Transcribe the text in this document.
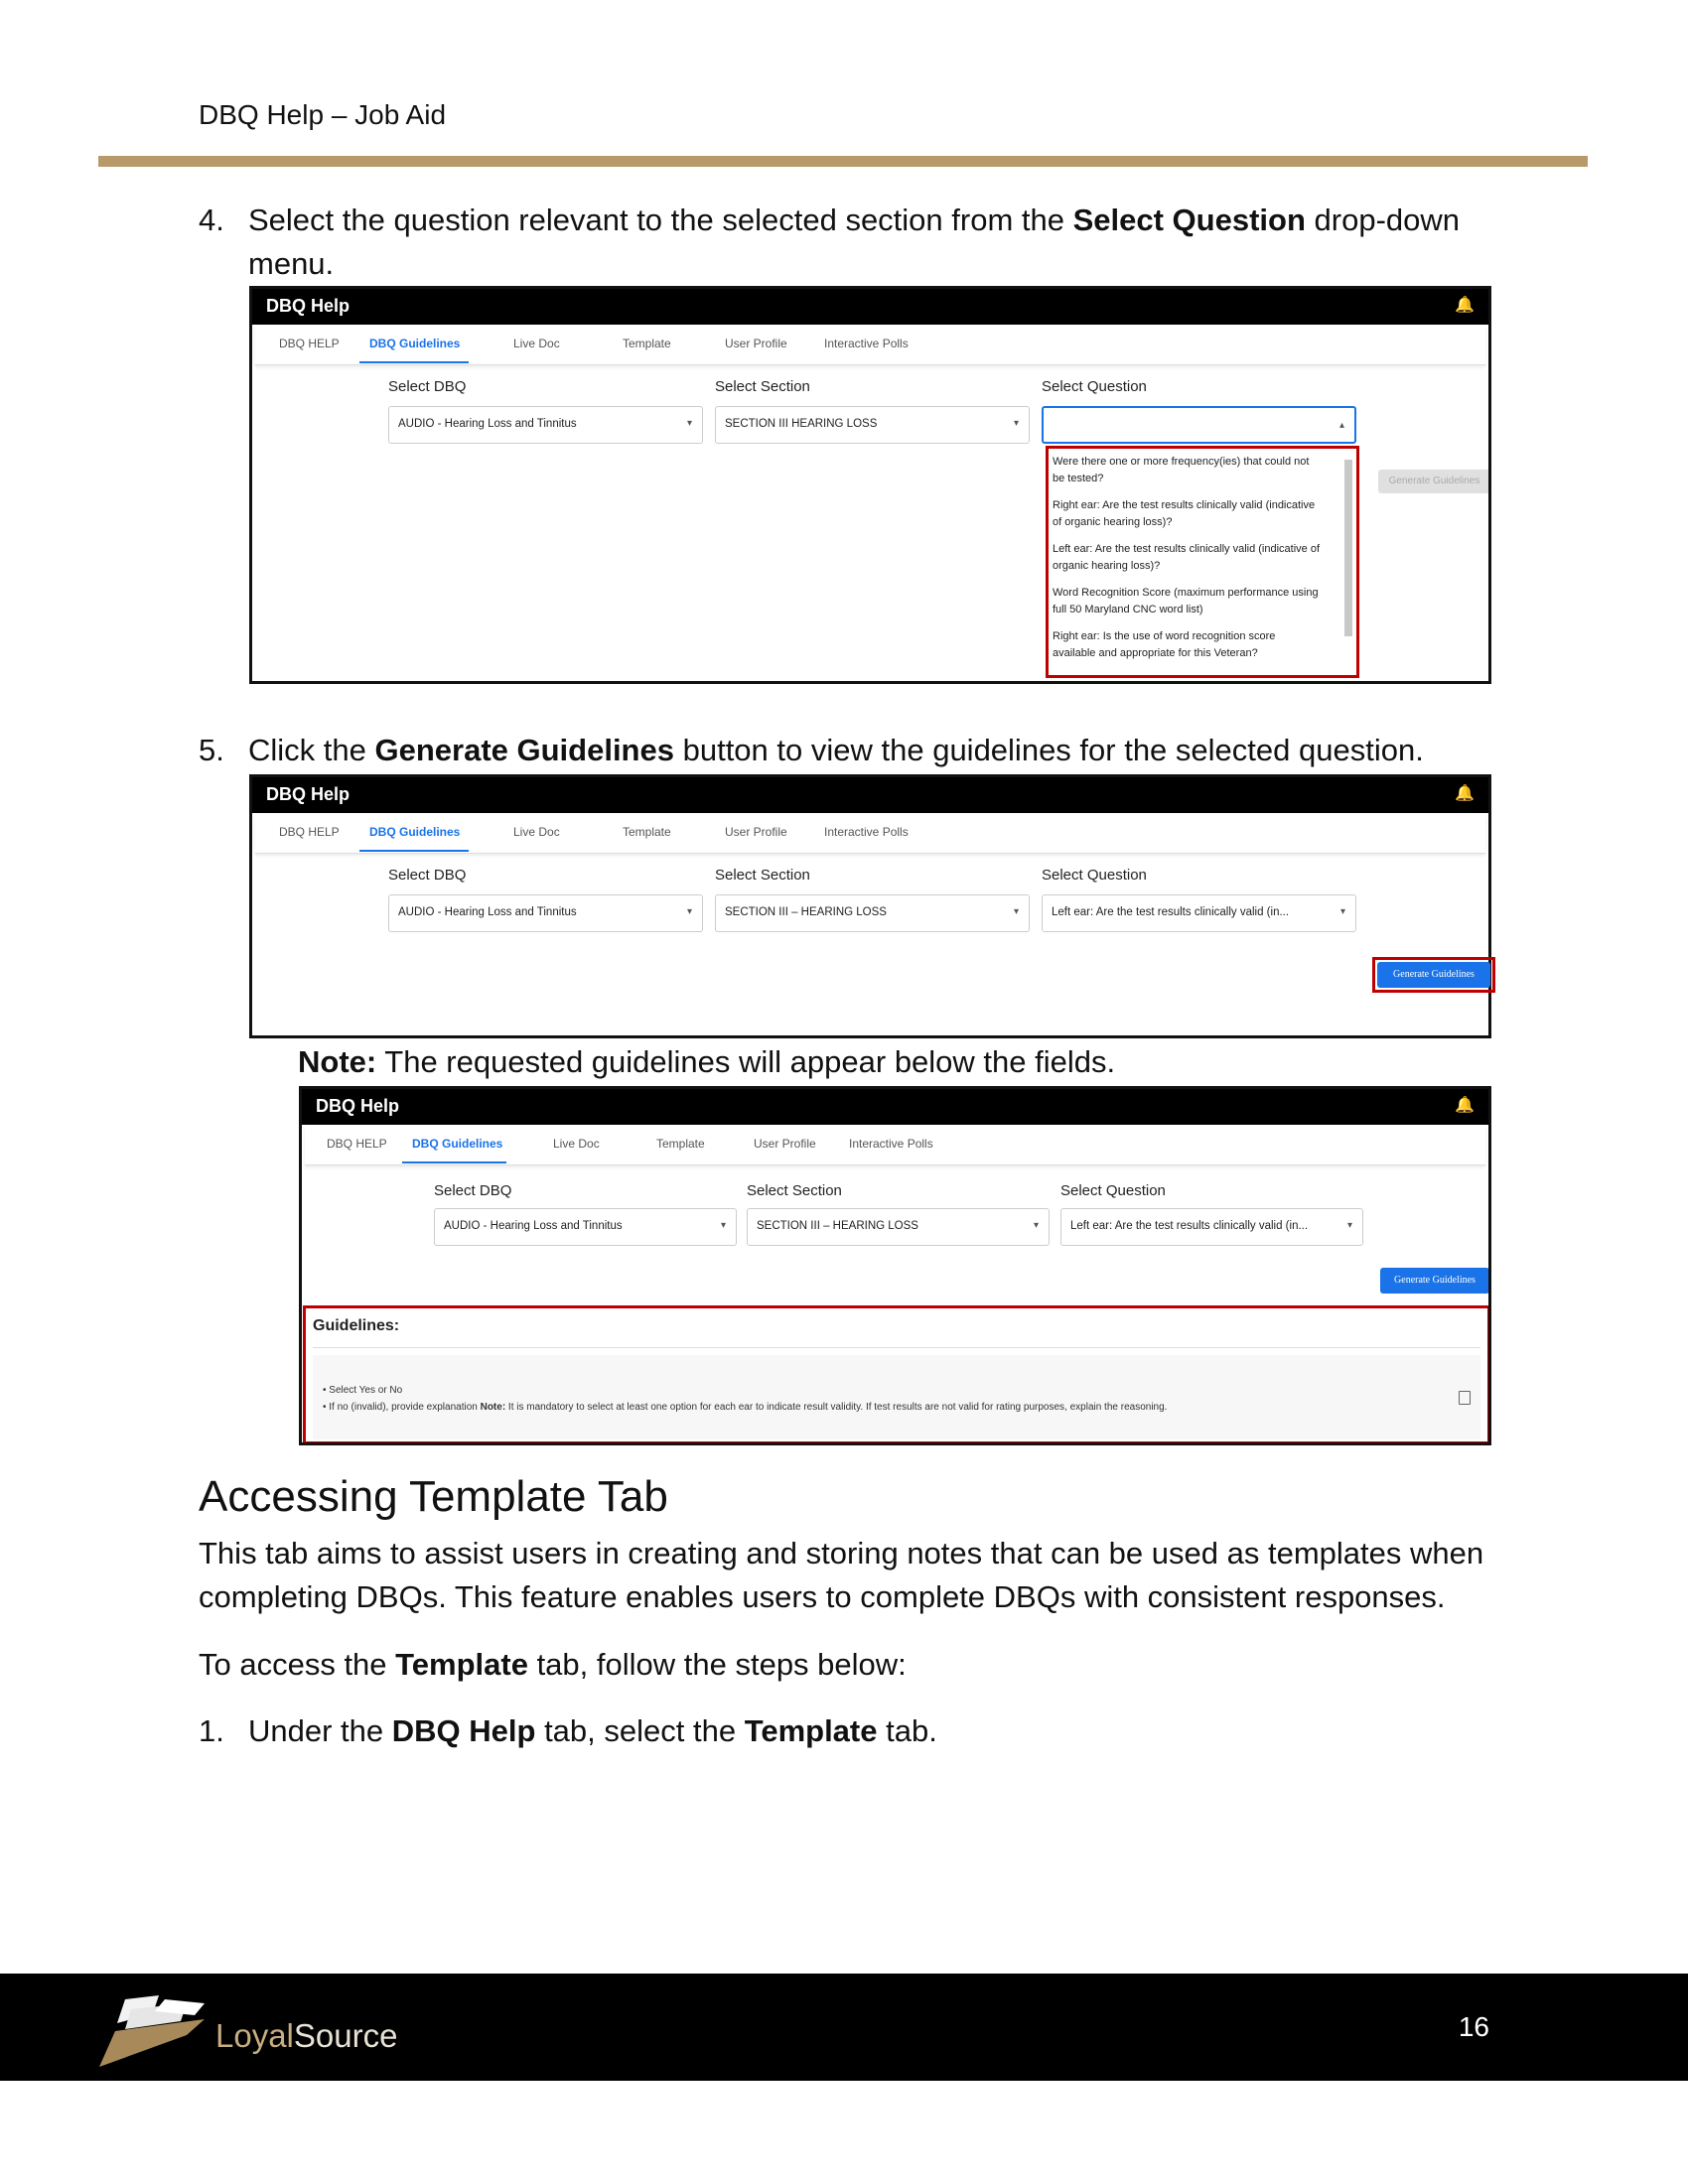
DBQ Help – Job Aid
4. Select the question relevant to the selected section from the Select Question drop-down menu.
DBQ Help	🔔
DBQ HELP	DBQ Guidelines	Live Doc	Template	User Profile	Interactive Polls
Select DBQ	Select Section	Select Question
AUDIO - Hearing Loss and Tinnitus	▾	SECTION III HEARING LOSS	▾	▴
Generate Guidelines
Were there one or more frequency(ies) that could not be tested?
Right ear: Are the test results clinically valid (indicative of organic hearing loss)?
Left ear: Are the test results clinically valid (indicative of organic hearing loss)?
Word Recognition Score (maximum performance using full 50 Maryland CNC word list)
Right ear: Is the use of word recognition score available and appropriate for this Veteran?
5. Click the Generate Guidelines button to view the guidelines for the selected question.
DBQ Help	🔔
DBQ HELP	DBQ Guidelines	Live Doc	Template	User Profile	Interactive Polls
Select DBQ	Select Section	Select Question
AUDIO - Hearing Loss and Tinnitus	▾	SECTION III – HEARING LOSS	▾	Left ear: Are the test results clinically valid (in...	▾
Generate Guidelines
Note: The requested guidelines will appear below the fields.
DBQ Help	🔔
DBQ HELP DBQ Guidelines	Live Doc	Template	User Profile	Interactive Polls
Select DBQ	Select Section	Select Question
AUDIO - Hearing Loss and Tinnitus	▾	SECTION III – HEARING LOSS	▾	Left ear: Are the test results clinically valid (in...	▾
Generate Guidelines
Guidelines:
• Select Yes or No
• If no (invalid), provide explanation Note: It is mandatory to select at least one option for each ear to indicate result validity. If test results are not valid for rating purposes, explain the reasoning.
Accessing Template Tab
This tab aims to assist users in creating and storing notes that can be used as templates when completing DBQs. This feature enables users to complete DBQs with consistent responses.
To access the Template tab, follow the steps below:
1. Under the DBQ Help tab, select the Template tab.
LoyalSource	16
